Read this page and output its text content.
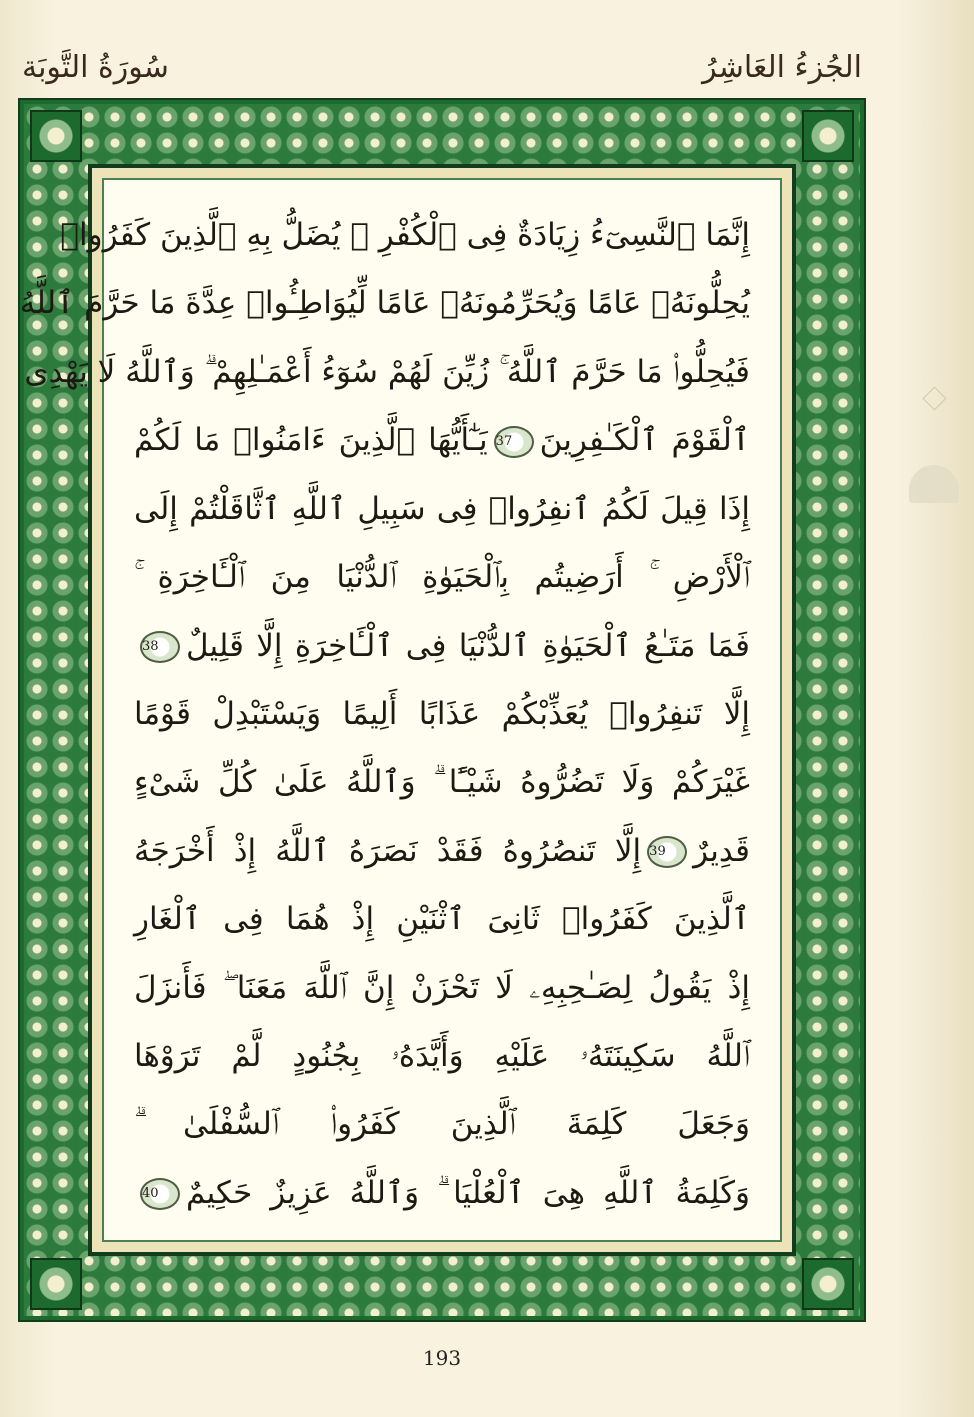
الجُزءُ العَاشِرُ
سُورَةُ التَّوبَة
إِنَّمَا ٱلنَّسِىٓءُ زِيَادَةٌ فِى ٱلْكُفْرِ ۖ يُضَلُّ بِهِ ٱلَّذِينَ كَفَرُوا۟
يُحِلُّونَهُۥ عَامًا وَيُحَرِّمُونَهُۥ عَامًا لِّيُوَاطِـُٔوا۟ عِدَّةَ مَا حَرَّمَ ٱللَّهُ
فَيُحِلُّوا۟ مَا حَرَّمَ ٱللَّهُ ۚ زُيِّنَ لَهُمْ سُوٓءُ أَعْمَـٰلِهِمْ ۗ وَٱللَّهُ لَا يَهْدِى
ٱلْقَوْمَ ٱلْكَـٰفِرِينَ37يَـٰٓأَيُّهَا ٱلَّذِينَ ءَامَنُوا۟ مَا لَكُمْ
إِذَا قِيلَ لَكُمُ ٱنفِرُوا۟ فِى سَبِيلِ ٱللَّهِ ٱثَّاقَلْتُمْ إِلَى
ٱلْأَرْضِ ۚ أَرَضِيتُم بِٱلْحَيَوٰةِ ٱلدُّنْيَا مِنَ ٱلْـَٔاخِرَةِ ۚ
فَمَا مَتَـٰعُ ٱلْحَيَوٰةِ ٱلدُّنْيَا فِى ٱلْـَٔاخِرَةِ إِلَّا قَلِيلٌ38
إِلَّا تَنفِرُوا۟ يُعَذِّبْكُمْ عَذَابًا أَلِيمًا وَيَسْتَبْدِلْ قَوْمًا
غَيْرَكُمْ وَلَا تَضُرُّوهُ شَيْـًٔا ۗ وَٱللَّهُ عَلَىٰ كُلِّ شَىْءٍ
قَدِيرٌ39إِلَّا تَنصُرُوهُ فَقَدْ نَصَرَهُ ٱللَّهُ إِذْ أَخْرَجَهُ
ٱلَّذِينَ كَفَرُوا۟ ثَانِىَ ٱثْنَيْنِ إِذْ هُمَا فِى ٱلْغَارِ
إِذْ يَقُولُ لِصَـٰحِبِهِۦ لَا تَحْزَنْ إِنَّ ٱللَّهَ مَعَنَا ۖ فَأَنزَلَ
ٱللَّهُ سَكِينَتَهُۥ عَلَيْهِ وَأَيَّدَهُۥ بِجُنُودٍ لَّمْ تَرَوْهَا
وَجَعَلَ كَلِمَةَ ٱلَّذِينَ كَفَرُوا۟ ٱلسُّفْلَىٰ ۗ
وَكَلِمَةُ ٱللَّهِ هِىَ ٱلْعُلْيَا ۗ وَٱللَّهُ عَزِيزٌ حَكِيمٌ40
193
